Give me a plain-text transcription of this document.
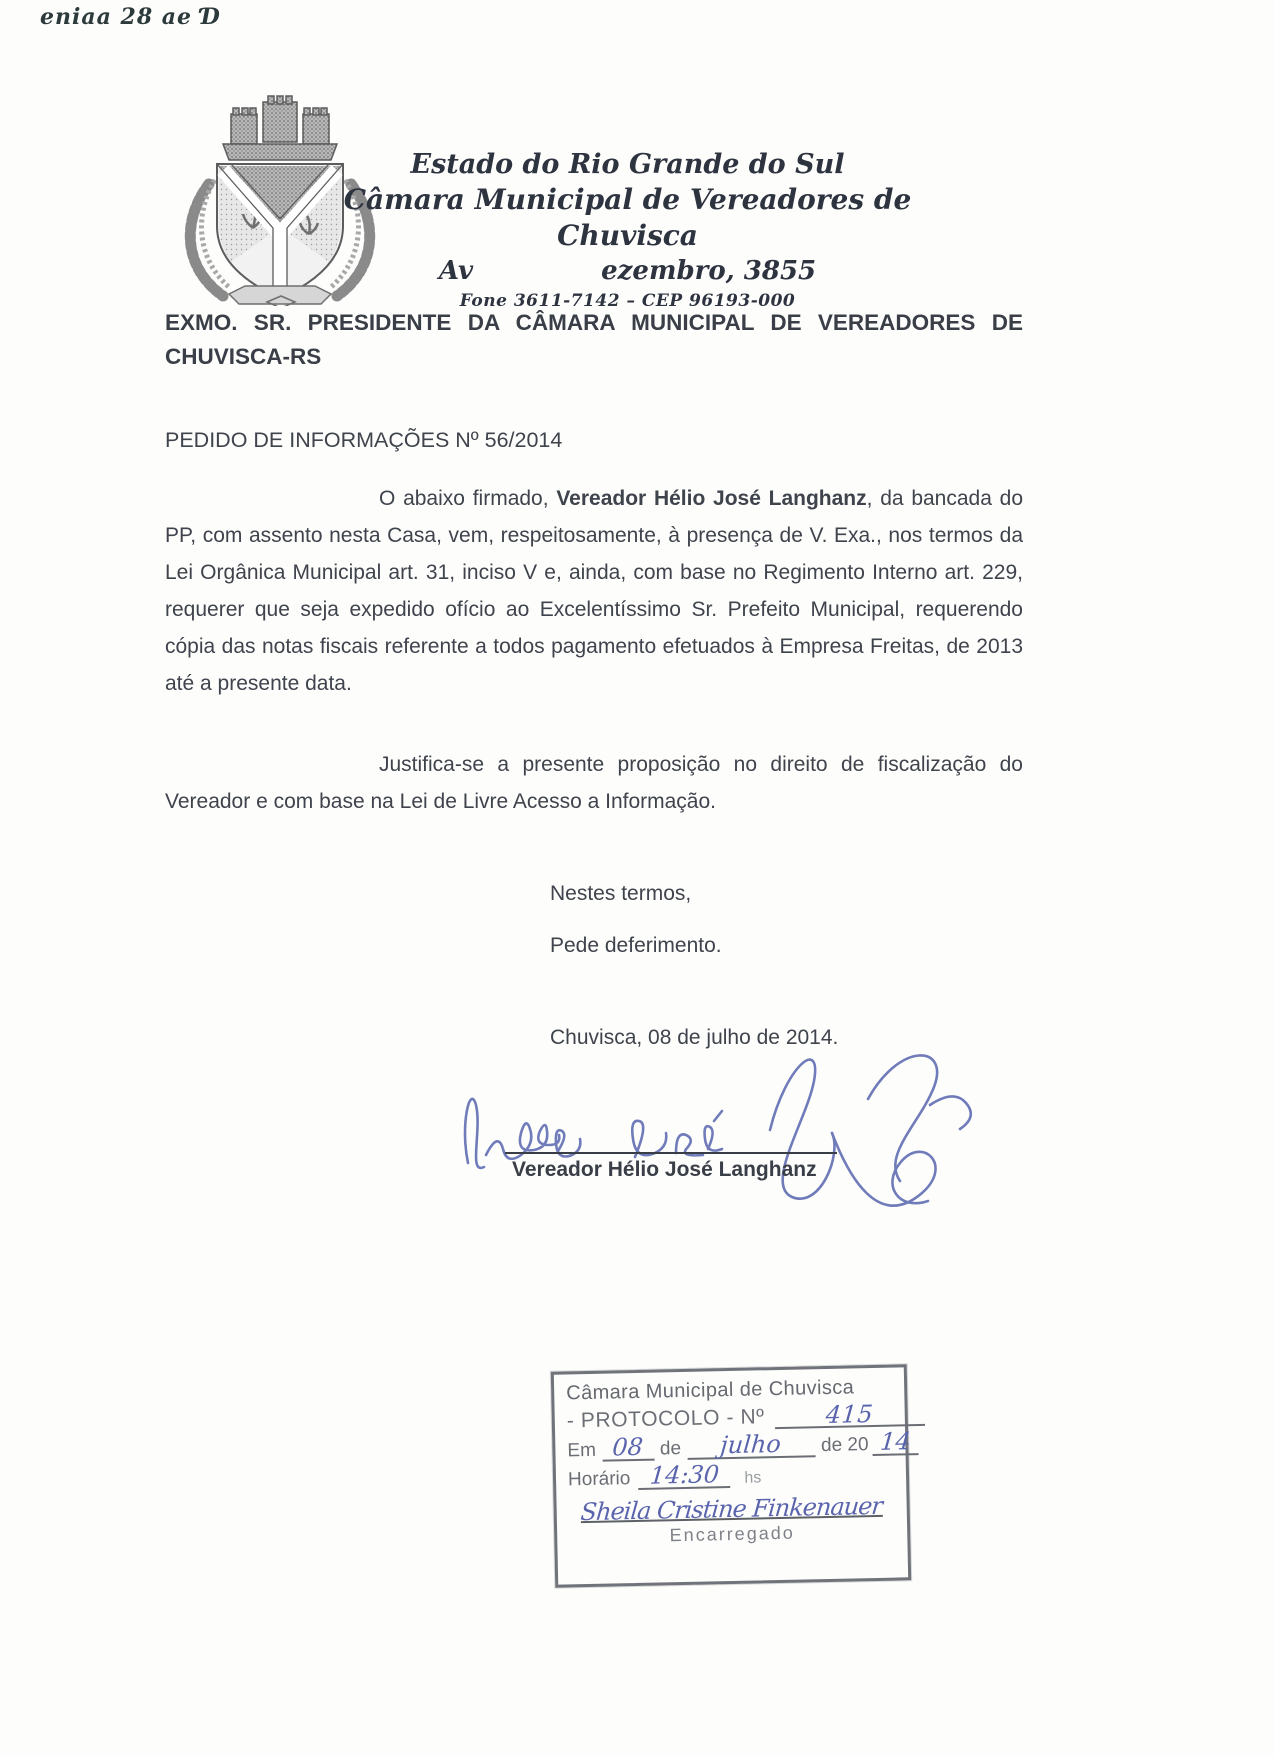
eniaa 28 ae Ɗ
Estado do Rio Grande do Sul
Câmara Municipal de Vereadores de Chuvisca
Av	ezembro, 3855
Fone 3611-7142 – CEP 96193-000
EXMO. SR. PRESIDENTE DA CÂMARA MUNICIPAL DE VEREADORES DE CHUVISCA-RS
PEDIDO DE INFORMAÇÕES Nº 56/2014
O abaixo firmado, Vereador Hélio José Langhanz, da bancada do PP, com assento nesta Casa, vem, respeitosamente, à presença de V. Exa., nos termos da Lei Orgânica Municipal art. 31, inciso V e, ainda, com base no Regimento Interno art. 229, requerer que seja expedido ofício ao Excelentíssimo Sr. Prefeito Municipal, requerendo cópia das notas fiscais referente a todos pagamento efetuados à Empresa Freitas, de 2013 até a presente data.
Justifica-se a presente proposição no direito de fiscalização do Vereador e com base na Lei de Livre Acesso a Informação.
Nestes termos,
Pede deferimento.
Chuvisca, 08 de julho de 2014.
Vereador Hélio José Langhanz
Câmara Municipal de Chuvisca
- PROTOCOLO - Nº	415
Em 08 de	julho	de 20 14
Horário 14:30	hs
Sheila Cristine Finkenauer
Encarregado
